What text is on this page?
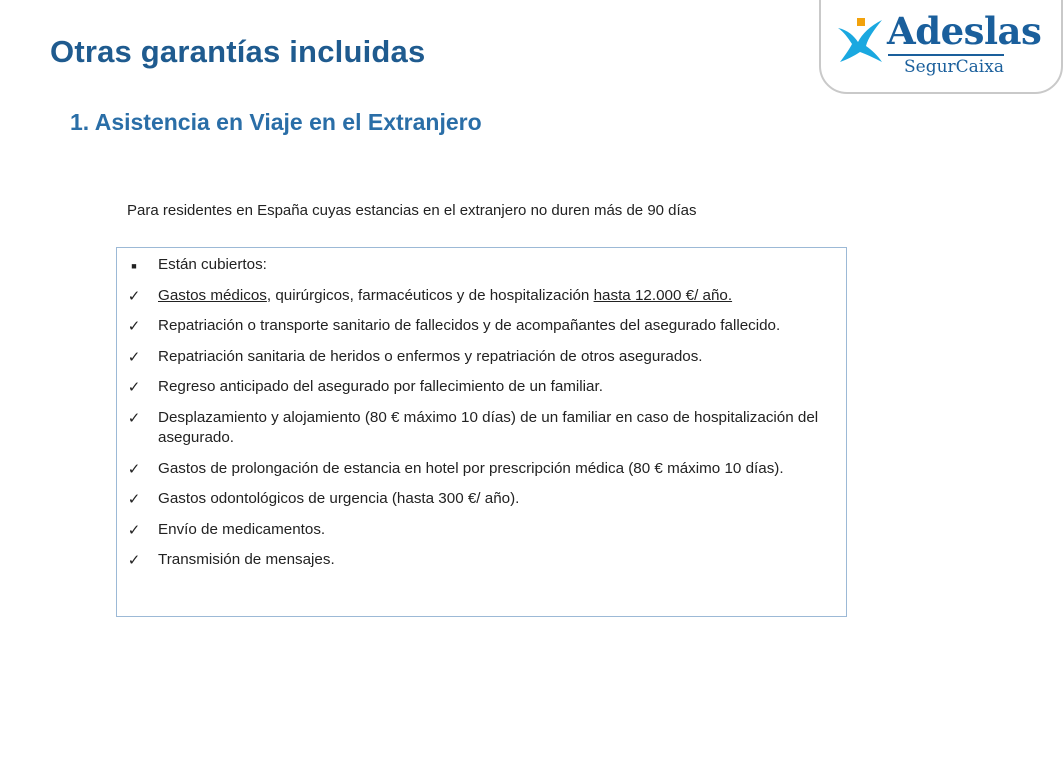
Otras garantías incluidas
1. Asistencia en Viaje en el Extranjero
Adeslas
SegurCaixa

Para residentes en España cuyas estancias en el extranjero no duren más de 90 días

■ Están cubiertos:
✓ Gastos médicos, quirúrgicos, farmacéuticos y de hospitalización hasta 12.000 €/ año.
✓ Repatriación o transporte sanitario de fallecidos y de acompañantes del asegurado fallecido.
✓ Repatriación sanitaria de heridos o enfermos y repatriación de otros asegurados.
✓ Regreso anticipado del asegurado por fallecimiento de un familiar.
✓ Desplazamiento y alojamiento (80 € máximo 10 días) de un familiar en caso de hospitalización del asegurado.
✓ Gastos de prolongación de estancia en hotel por prescripción médica (80 € máximo 10 días).
✓ Gastos odontológicos de urgencia (hasta 300 €/ año).
✓ Envío de medicamentos.
✓ Transmisión de mensajes.
